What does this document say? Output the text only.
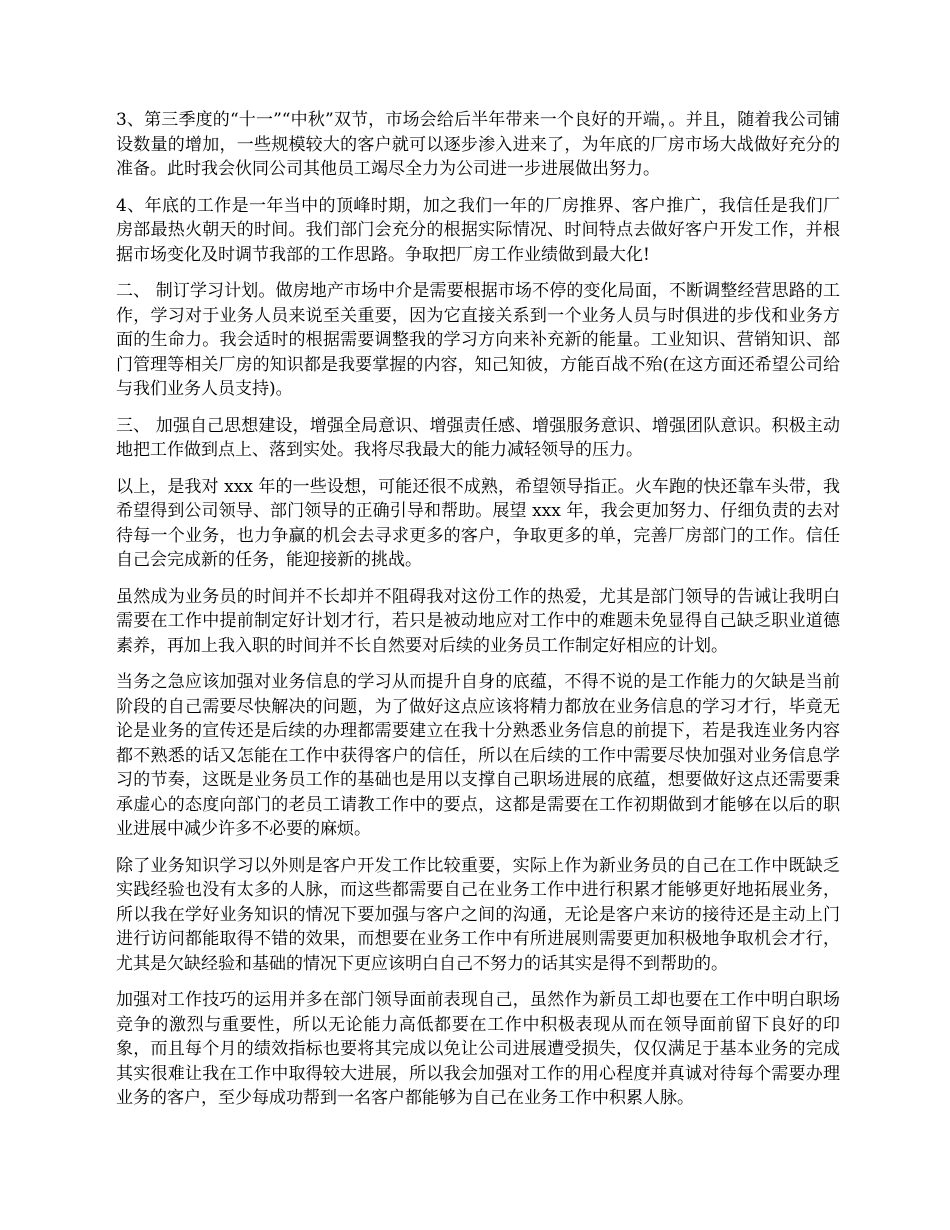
3、第三季度的“十一”“中秋”双节，市场会给后半年带来一个良好的开端，。并且，随着我公司铺设数量的增加，一些规模较大的客户就可以逐步渗入进来了，为年底的厂房市场大战做好充分的准备。此时我会伙同公司其他员工竭尽全力为公司进一步进展做出努力。

4、年底的工作是一年当中的顶峰时期，加之我们一年的厂房推界、客户推广，我信任是我们厂房部最热火朝天的时间。我们部门会充分的根据实际情况、时间特点去做好客户开发工作，并根据市场变化及时调节我部的工作思路。争取把厂房工作业绩做到最大化!

二、 制订学习计划。做房地产市场中介是需要根据市场不停的变化局面，不断调整经营思路的工作，学习对于业务人员来说至关重要，因为它直接关系到一个业务人员与时俱进的步伐和业务方面的生命力。我会适时的根据需要调整我的学习方向来补充新的能量。工业知识、营销知识、部门管理等相关厂房的知识都是我要掌握的内容，知己知彼，方能百战不殆(在这方面还希望公司给与我们业务人员支持)。

三、 加强自己思想建设，增强全局意识、增强责任感、增强服务意识、增强团队意识。积极主动地把工作做到点上、落到实处。我将尽我最大的能力减轻领导的压力。

以上，是我对 xxx 年的一些设想，可能还很不成熟，希望领导指正。火车跑的快还靠车头带，我希望得到公司领导、部门领导的正确引导和帮助。展望 xxx 年，我会更加努力、仔细负责的去对待每一个业务，也力争赢的机会去寻求更多的客户，争取更多的单，完善厂房部门的工作。信任自己会完成新的任务，能迎接新的挑战。

虽然成为业务员的时间并不长却并不阻碍我对这份工作的热爱，尤其是部门领导的告诫让我明白需要在工作中提前制定好计划才行，若只是被动地应对工作中的难题未免显得自己缺乏职业道德素养，再加上我入职的时间并不长自然要对后续的业务员工作制定好相应的计划。

当务之急应该加强对业务信息的学习从而提升自身的底蕴，不得不说的是工作能力的欠缺是当前阶段的自己需要尽快解决的问题，为了做好这点应该将精力都放在业务信息的学习才行，毕竟无论是业务的宣传还是后续的办理都需要建立在我十分熟悉业务信息的前提下，若是我连业务内容都不熟悉的话又怎能在工作中获得客户的信任，所以在后续的工作中需要尽快加强对业务信息学习的节奏，这既是业务员工作的基础也是用以支撑自己职场进展的底蕴，想要做好这点还需要秉承虚心的态度向部门的老员工请教工作中的要点，这都是需要在工作初期做到才能够在以后的职业进展中减少许多不必要的麻烦。

除了业务知识学习以外则是客户开发工作比较重要，实际上作为新业务员的自己在工作中既缺乏实践经验也没有太多的人脉，而这些都需要自己在业务工作中进行积累才能够更好地拓展业务，所以我在学好业务知识的情况下要加强与客户之间的沟通，无论是客户来访的接待还是主动上门进行访问都能取得不错的效果，而想要在业务工作中有所进展则需要更加积极地争取机会才行，尤其是欠缺经验和基础的情况下更应该明白自己不努力的话其实是得不到帮助的。

加强对工作技巧的运用并多在部门领导面前表现自己，虽然作为新员工却也要在工作中明白职场竞争的激烈与重要性，所以无论能力高低都要在工作中积极表现从而在领导面前留下良好的印象，而且每个月的绩效指标也要将其完成以免让公司进展遭受损失，仅仅满足于基本业务的完成其实很难让我在工作中取得较大进展，所以我会加强对工作的用心程度并真诚对待每个需要办理业务的客户，至少每成功帮到一名客户都能够为自己在业务工作中积累人脉。
